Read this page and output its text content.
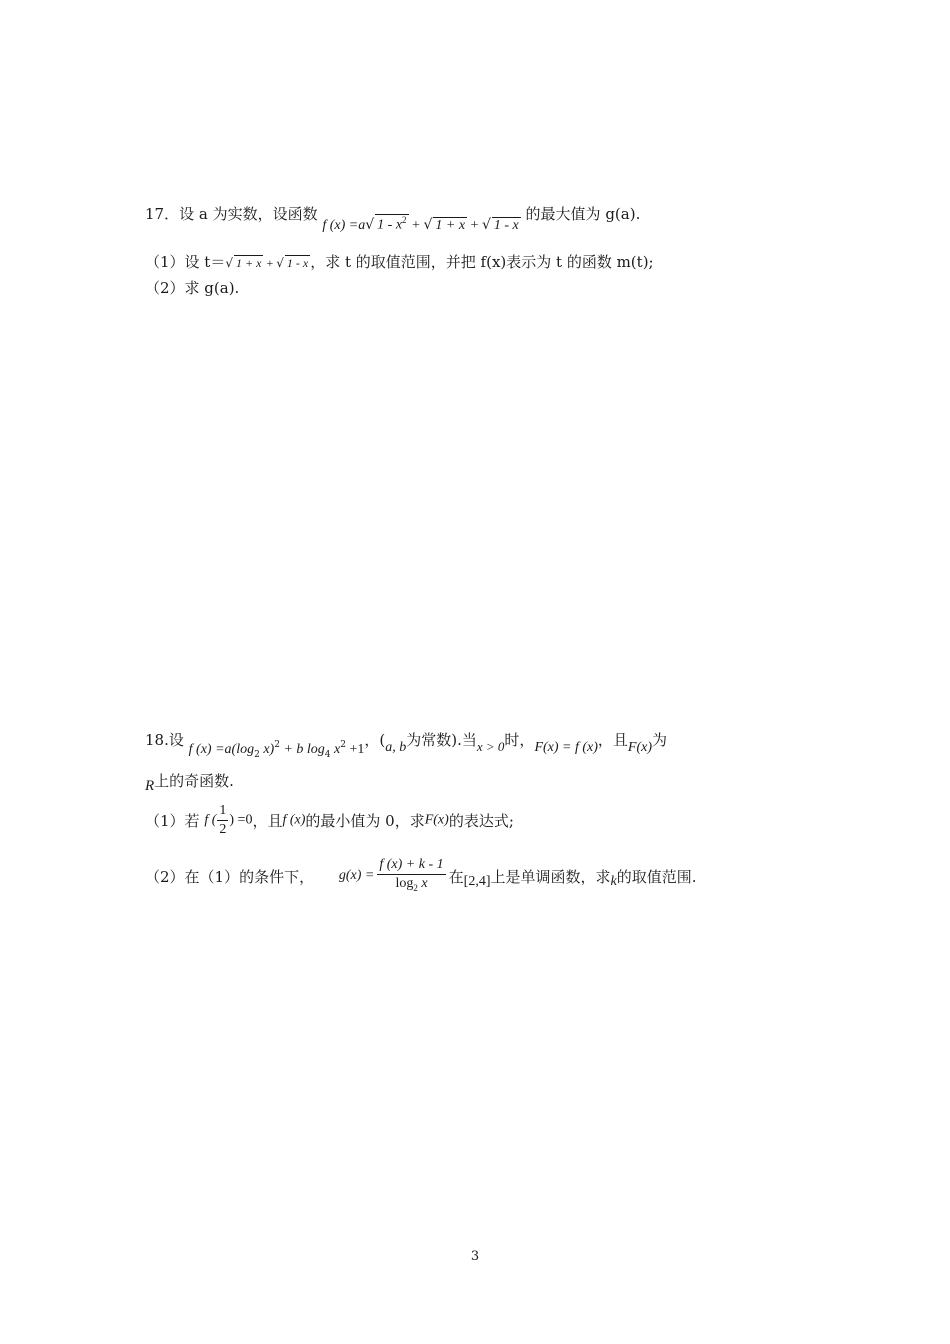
17．设 a 为实数，设函数 f (x) =a√ $1 - x^2$ + √ 1 + x + √ 1 - x 的最大值为 g(a).
（1）设 t＝√ 1 + x + √ 1 - x ，求 t 的取值范围，并把 f(x)表示为 t 的函数 m(t);
（2）求 g(a).
18.设 f $(x) =a(\log_2$ x)$^2$ + b $\log_4 x^2 +1$，(a, b为常数).当x > 0时，F(x) = f (x)，且F(x)为
R上的奇函数.
（1）若 f ( $\frac{1}{2}$ ) =0，且f (x)的最小值为 0，求F(x)的表达式;
（2）在（1）的条件下， $g(x) = \frac{f (x) + k - 1}{\log_2 x}$ 在[2,4]上是单调函数，求k的取值范围.
3
